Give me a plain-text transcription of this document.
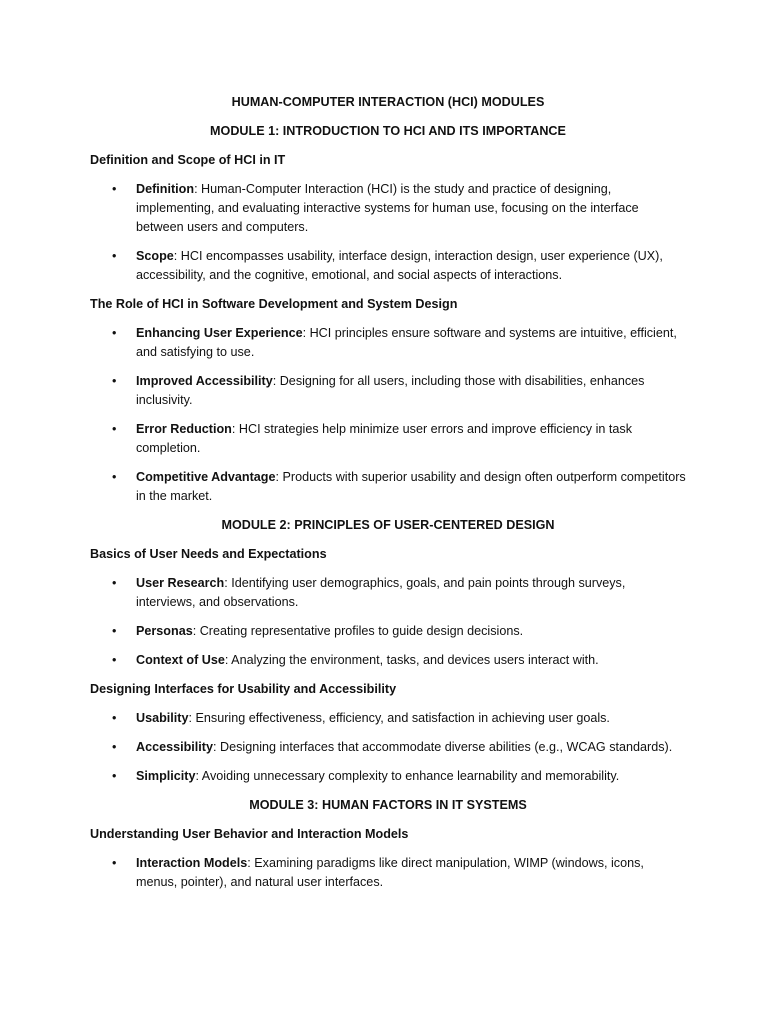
HUMAN-COMPUTER INTERACTION (HCI) MODULES

MODULE 1: INTRODUCTION TO HCI AND ITS IMPORTANCE

Definition and Scope of HCI in IT

• Definition: Human-Computer Interaction (HCI) is the study and practice of designing, implementing, and evaluating interactive systems for human use, focusing on the interface between users and computers.
• Scope: HCI encompasses usability, interface design, interaction design, user experience (UX), accessibility, and the cognitive, emotional, and social aspects of interactions.

The Role of HCI in Software Development and System Design

• Enhancing User Experience: HCI principles ensure software and systems are intuitive, efficient, and satisfying to use.
• Improved Accessibility: Designing for all users, including those with disabilities, enhances inclusivity.
• Error Reduction: HCI strategies help minimize user errors and improve efficiency in task completion.
• Competitive Advantage: Products with superior usability and design often outperform competitors in the market.

MODULE 2: PRINCIPLES OF USER-CENTERED DESIGN

Basics of User Needs and Expectations

• User Research: Identifying user demographics, goals, and pain points through surveys, interviews, and observations.
• Personas: Creating representative profiles to guide design decisions.
• Context of Use: Analyzing the environment, tasks, and devices users interact with.

Designing Interfaces for Usability and Accessibility

• Usability: Ensuring effectiveness, efficiency, and satisfaction in achieving user goals.
• Accessibility: Designing interfaces that accommodate diverse abilities (e.g., WCAG standards).
• Simplicity: Avoiding unnecessary complexity to enhance learnability and memorability.

MODULE 3: HUMAN FACTORS IN IT SYSTEMS

Understanding User Behavior and Interaction Models

• Interaction Models: Examining paradigms like direct manipulation, WIMP (windows, icons, menus, pointer), and natural user interfaces.
